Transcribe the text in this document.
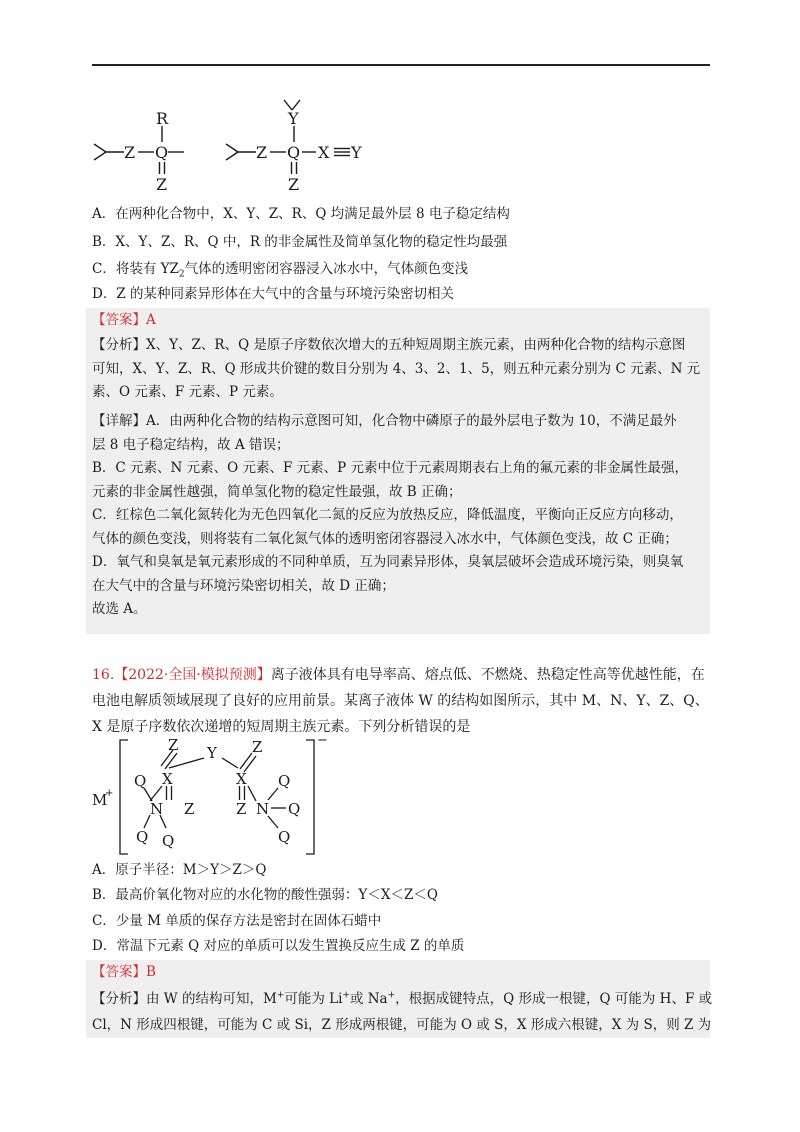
Z
R
Q
Z
Z
Y
Q
Z
X Y
A．在两种化合物中，X、Y、Z、R、Q 均满足最外层 8 电子稳定结构
B．X、Y、Z、R、Q 中，R 的非金属性及简单氢化物的稳定性均最强
C．将装有 $YZ_2$气体的透明密闭容器浸入冰水中，气体颜色变浅
D．Z 的某种同素异形体在大气中的含量与环境污染密切相关
【答案】A
【分析】X、Y、Z、R、Q 是原子序数依次增大的五种短周期主族元素，由两种化合物的结构示意图
可知，X、Y、Z、R、Q 形成共价键的数目分别为 4、3、2、1、5，则五种元素分别为 C 元素、N 元
素、O 元素、F 元素、P 元素。
【详解】A．由两种化合物的结构示意图可知，化合物中磷原子的最外层电子数为 10，不满足最外
层 8 电子稳定结构，故 A 错误；
B．C 元素、N 元素、O 元素、F 元素、P 元素中位于元素周期表右上角的氟元素的非金属性最强，
元素的非金属性越强，简单氢化物的稳定性最强，故 B 正确；
C．红棕色二氧化氮转化为无色四氧化二氮的反应为放热反应，降低温度，平衡向正反应方向移动，
气体的颜色变浅，则将装有二氧化氮气体的透明密闭容器浸入冰水中，气体颜色变浅，故 C 正确；
D．氧气和臭氧是氧元素形成的不同种单质，互为同素异形体，臭氧层破坏会造成环境污染，则臭氧
在大气中的含量与环境污染密切相关，故 D 正确；
故选 A。
16.【2022·全国·模拟预测】离子液体具有电导率高、熔点低、不燃烧、热稳定性高等优越性能，在
电池电解质领域展现了良好的应用前景。某离子液体 W 的结构如图所示，其中 M、N、Y、Z、Q、
X 是原子序数依次递增的短周期主族元素。下列分析错误的是
M
+
−
Y
Z	Z
X	X
Z	Z
N	N
Q
Q Q
Q
Q
Q
A．原子半径：M＞Y＞Z＞Q
B．最高价氧化物对应的水化物的酸性强弱：Y＜X＜Z＜Q
C．少量 M 单质的保存方法是密封在固体石蜡中
D．常温下元素 Q 对应的单质可以发生置换反应生成 Z 的单质
【答案】B
【分析】由 W 的结构可知，M+可能为 Li+或 Na+，根据成键特点，Q 形成一根键，Q 可能为 H、F 或
Cl，N 形成四根键，可能为 C 或 Si，Z 形成两根键，可能为 O 或 S，X 形成六根键，X 为 S，则 Z 为
